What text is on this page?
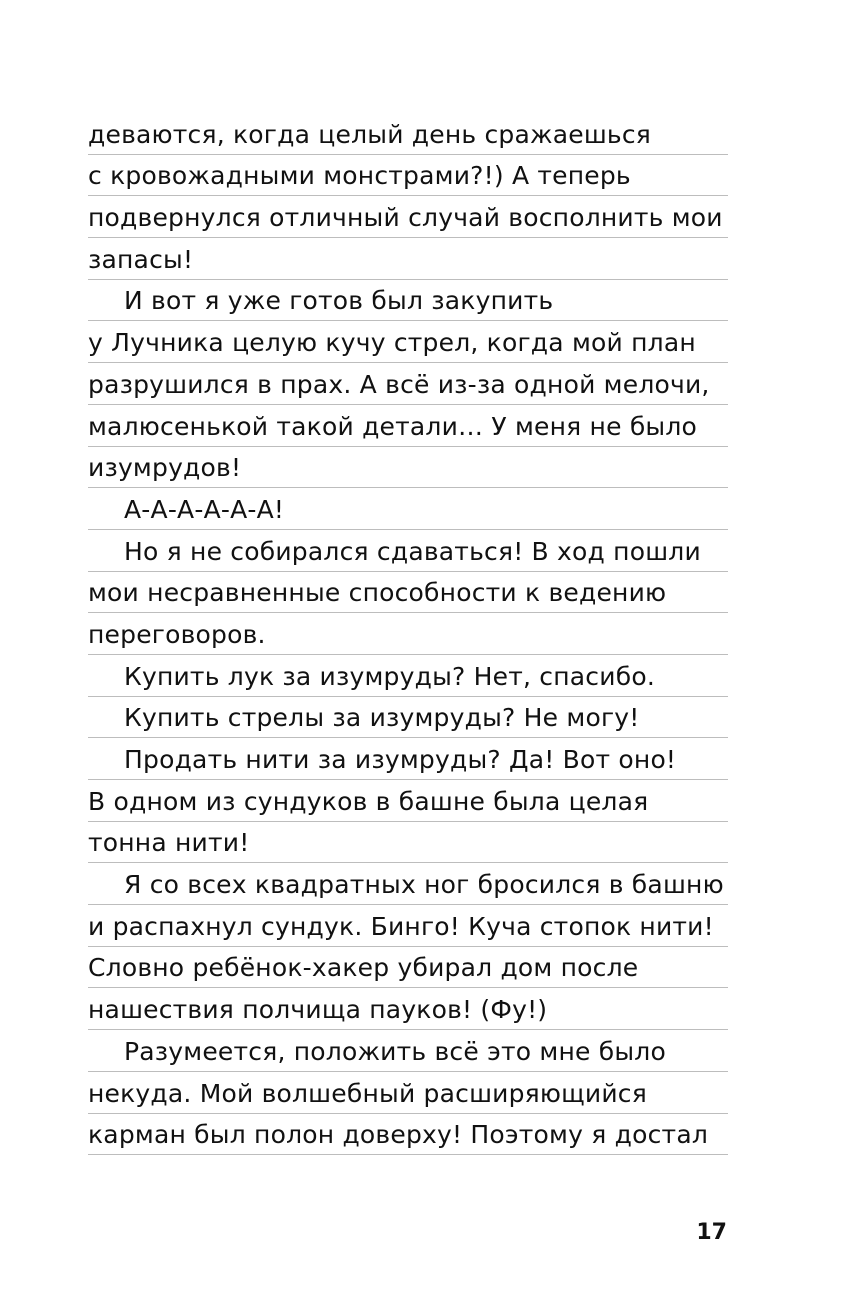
деваются, когда целый день сражаешься
с кровожадными монстрами?!) А теперь
подвернулся отличный случай восполнить мои
запасы!
И вот я уже готов был закупить
у Лучника целую кучу стрел, когда мой план
разрушился в прах. А всё из-за одной мелочи,
малюсенькой такой детали… У меня не было
изумрудов!
А-А-А-А-А-А!
Но я не собирался сдаваться! В ход пошли
мои несравненные способности к ведению
переговоров.
Купить лук за изумруды? Нет, спасибо.
Купить стрелы за изумруды? Не могу!
Продать нити за изумруды? Да! Вот оно!
В одном из сундуков в башне была целая
тонна нити!
Я со всех квадратных ног бросился в башню
и распахнул сундук. Бинго! Куча стопок нити!
Словно ребёнок-хакер убирал дом после
нашествия полчища пауков! (Фу!)
Разумеется, положить всё это мне было
некуда. Мой волшебный расширяющийся
карман был полон доверху! Поэтому я достал
17
